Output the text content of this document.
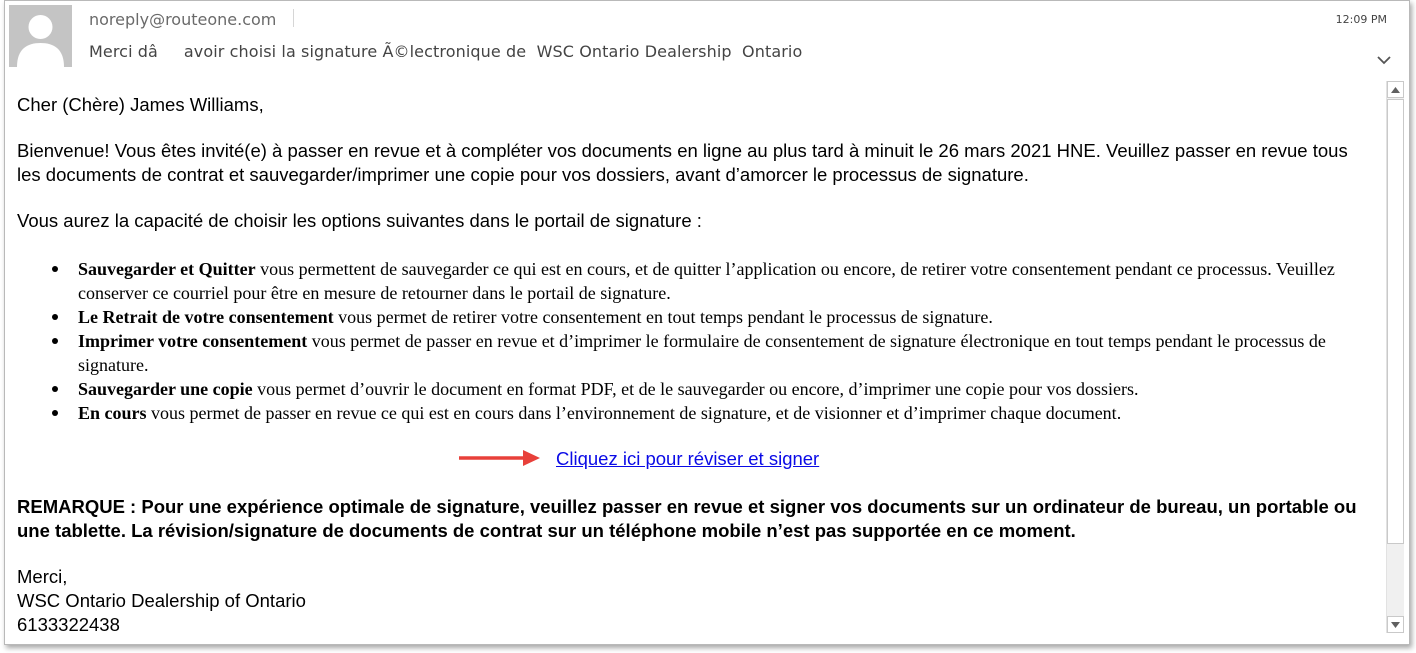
noreply@routeone.com
Merci dâ     avoir choisi la signature Ã©lectronique de  WSC Ontario Dealership  Ontario
12:09 PM

Cher (Chère) James Williams,

Bienvenue! Vous êtes invité(e) à passer en revue et à compléter vos documents en ligne au plus tard à minuit le 26 mars 2021 HNE. Veuillez passer en revue tous les documents de contrat et sauvegarder/imprimer une copie pour vos dossiers, avant d’amorcer le processus de signature.

Vous aurez la capacité de choisir les options suivantes dans le portail de signature :

Sauvegarder et Quitter vous permettent de sauvegarder ce qui est en cours, et de quitter l’application ou encore, de retirer votre consentement pendant ce processus. Veuillez conserver ce courriel pour être en mesure de retourner dans le portail de signature.
Le Retrait de votre consentement vous permet de retirer votre consentement en tout temps pendant le processus de signature.
Imprimer votre consentement vous permet de passer en revue et d’imprimer le formulaire de consentement de signature électronique en tout temps pendant le processus de signature.
Sauvegarder une copie vous permet d’ouvrir le document en format PDF, et de le sauvegarder ou encore, d’imprimer une copie pour vos dossiers.
En cours vous permet de passer en revue ce qui est en cours dans l’environnement de signature, et de visionner et d’imprimer chaque document.
Cliquez ici pour réviser et signer

REMARQUE : Pour une expérience optimale de signature, veuillez passer en revue et signer vos documents sur un ordinateur de bureau, un portable ou une tablette. La révision/signature de documents de contrat sur un téléphone mobile n’est pas supportée en ce moment.

Merci,
WSC Ontario Dealership of Ontario
6133322438
